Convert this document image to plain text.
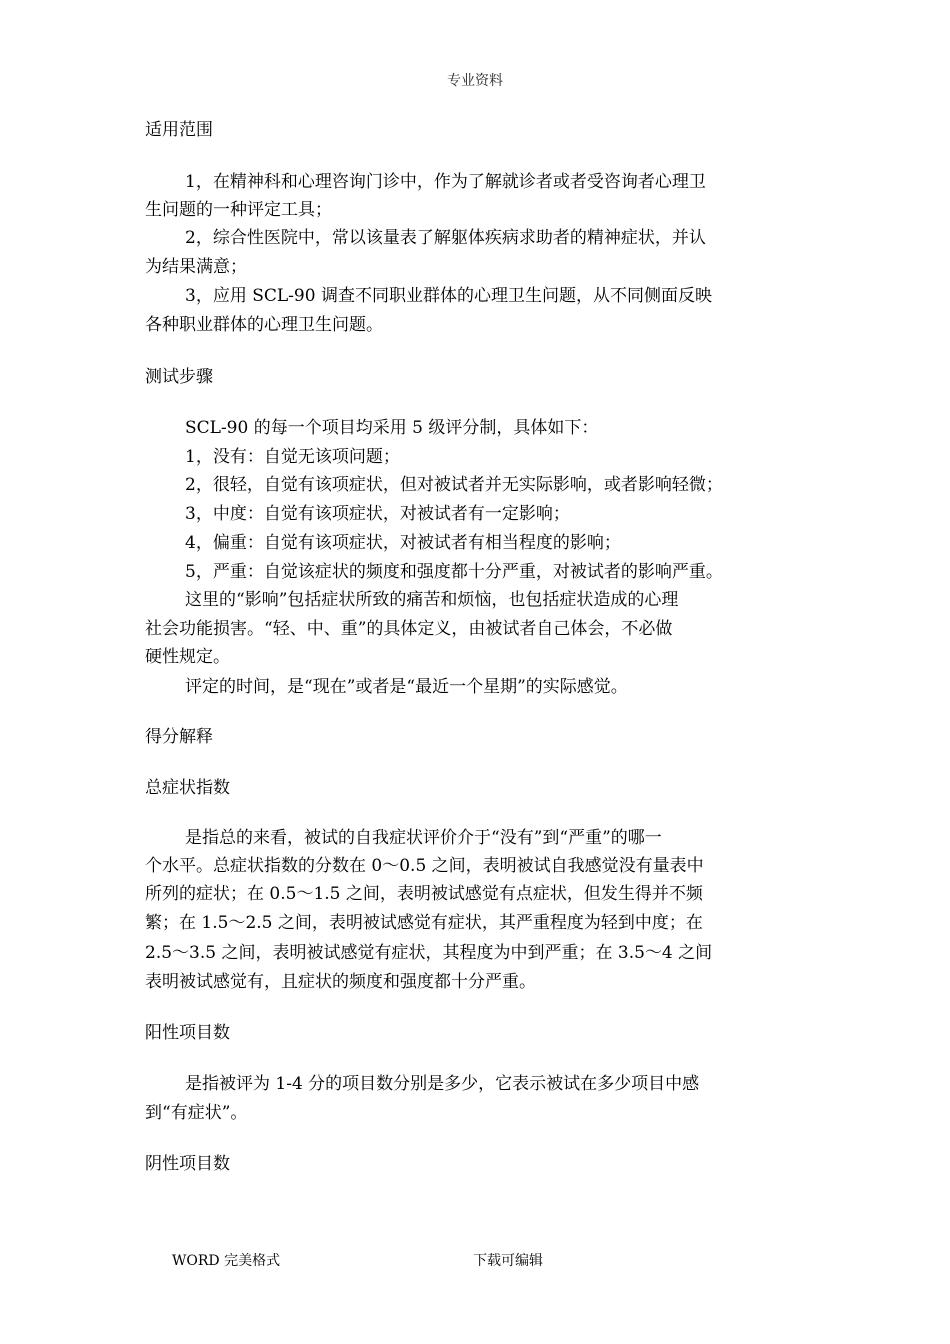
专业资料
适用范围
1，在精神科和心理咨询门诊中，作为了解就诊者或者受咨询者心理卫
生问题的一种评定工具；
2，综合性医院中，常以该量表了解躯体疾病求助者的精神症状，并认
为结果满意；
3，应用 SCL-90 调查不同职业群体的心理卫生问题，从不同侧面反映
各种职业群体的心理卫生问题。
测试步骤
SCL-90 的每一个项目均采用 5 级评分制，具体如下：
1，没有：自觉无该项问题；
2，很轻，自觉有该项症状，但对被试者并无实际影响，或者影响轻微；
3，中度：自觉有该项症状，对被试者有一定影响；
4，偏重：自觉有该项症状，对被试者有相当程度的影响；
5，严重：自觉该症状的频度和强度都十分严重，对被试者的影响严重。
这里的“影响”包括症状所致的痛苦和烦恼，也包括症状造成的心理
社会功能损害。“轻、中、重”的具体定义，由被试者自己体会，不必做
硬性规定。
评定的时间，是“现在”或者是“最近一个星期”的实际感觉。
得分解释
总症状指数
是指总的来看，被试的自我症状评价介于“没有”到“严重”的哪一
个水平。总症状指数的分数在 0～0.5 之间，表明被试自我感觉没有量表中
所列的症状；在 0.5～1.5 之间，表明被试感觉有点症状，但发生得并不频
繁；在 1.5～2.5 之间，表明被试感觉有症状，其严重程度为轻到中度；在
2.5～3.5 之间，表明被试感觉有症状，其程度为中到严重；在 3.5～4 之间
表明被试感觉有，且症状的频度和强度都十分严重。
阳性项目数
是指被评为 1-4 分的项目数分别是多少，它表示被试在多少项目中感
到“有症状”。
阴性项目数
WORD 完美格式	下载可编辑
